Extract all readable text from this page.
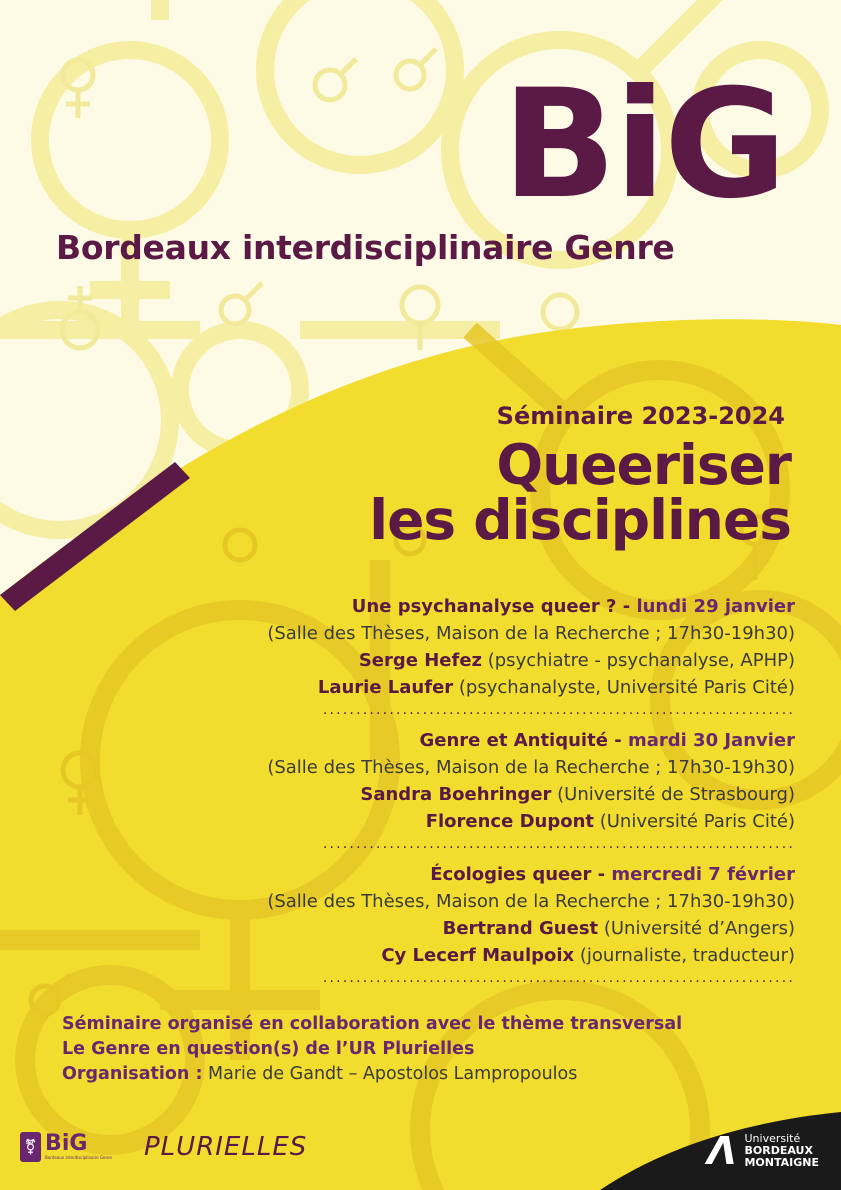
BiG
Bordeaux interdisciplinaire Genre
Séminaire 2023-2024
Queeriser
les disciplines
Une psychanalyse queer ? - lundi 29 janvier
(Salle des Thèses, Maison de la Recherche ; 17h30-19h30)
Serge Hefez (psychiatre - psychanalyse, APHP)
Laurie Laufer (psychanalyste, Université Paris Cité)
.......................................................................
Genre et Antiquité - mardi 30 Janvier
(Salle des Thèses, Maison de la Recherche ; 17h30-19h30)
Sandra Boehringer (Université de Strasbourg)
Florence Dupont (Université Paris Cité)
.......................................................................
Écologies queer - mercredi 7 février
(Salle des Thèses, Maison de la Recherche ; 17h30-19h30)
Bertrand Guest (Université d’Angers)
Cy Lecerf Maulpoix (journaliste, traducteur)
.......................................................................
Séminaire organisé en collaboration avec le thème transversal
Le Genre en question(s) de l’UR Plurielles
Organisation : Marie de Gandt – Apostolos Lampropoulos
⚧ BiG
Bordeaux interdisciplinaire Genre PLURIELLES	Ʌ Université
BORDEAUX
MONTAIGNE
